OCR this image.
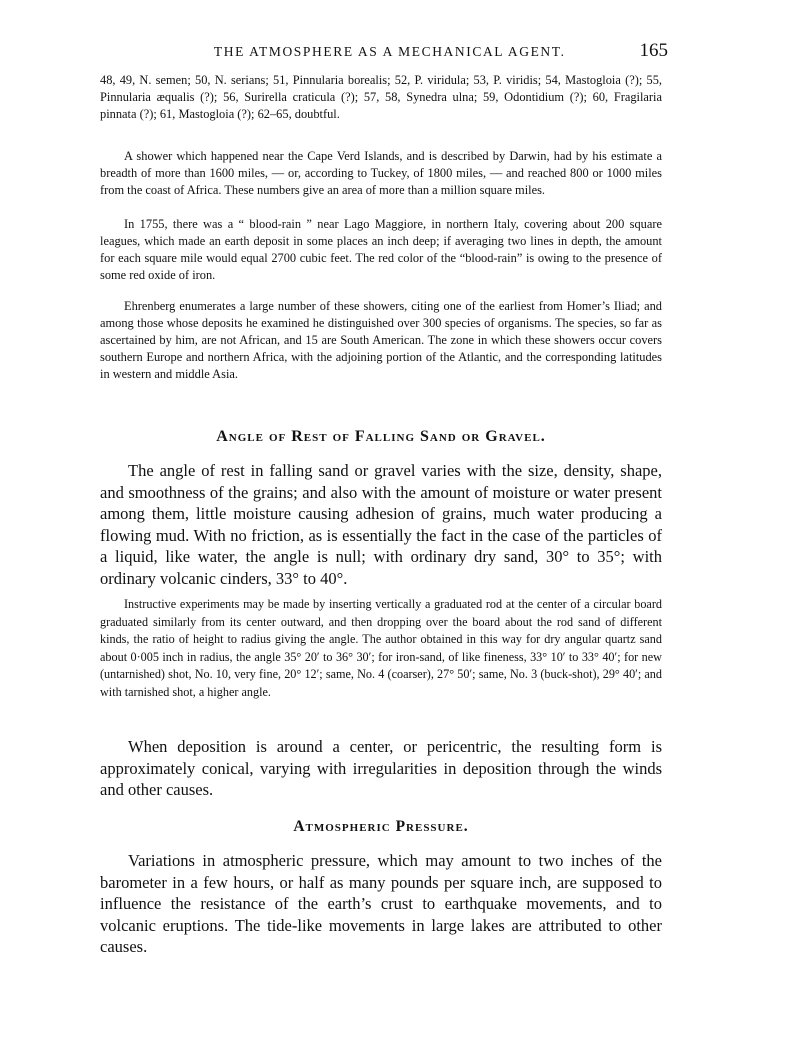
THE ATMOSPHERE AS A MECHANICAL AGENT.	165

48, 49, N. semen; 50, N. serians; 51, Pinnularia borealis; 52, P. viridula; 53, P. viridis; 54, Mastogloia (?); 55, Pinnularia æqualis (?); 56, Surirella craticula (?); 57, 58, Synedra ulna; 59, Odontidium (?); 60, Fragilaria pinnata (?); 61, Mastogloia (?); 62–65, doubtful.

A shower which happened near the Cape Verd Islands, and is described by Darwin, had by his estimate a breadth of more than 1600 miles, — or, according to Tuckey, of 1800 miles, — and reached 800 or 1000 miles from the coast of Africa. These numbers give an area of more than a million square miles.

In 1755, there was a “ blood-rain ” near Lago Maggiore, in northern Italy, covering about 200 square leagues, which made an earth deposit in some places an inch deep; if averaging two lines in depth, the amount for each square mile would equal 2700 cubic feet. The red color of the “blood-rain” is owing to the presence of some red oxide of iron.

Ehrenberg enumerates a large number of these showers, citing one of the earliest from Homer’s Iliad; and among those whose deposits he examined he distinguished over 300 species of organisms. The species, so far as ascertained by him, are not African, and 15 are South American. The zone in which these showers occur covers southern Europe and northern Africa, with the adjoining portion of the Atlantic, and the corresponding latitudes in western and middle Asia.

Angle of Rest of Falling Sand or Gravel.

The angle of rest in falling sand or gravel varies with the size, density, shape, and smoothness of the grains; and also with the amount of moisture or water present among them, little moisture causing adhesion of grains, much water producing a flowing mud. With no friction, as is essentially the fact in the case of the particles of a liquid, like water, the angle is null; with ordinary dry sand, 30° to 35°; with ordinary volcanic cinders, 33° to 40°.

Instructive experiments may be made by inserting vertically a graduated rod at the center of a circular board graduated similarly from its center outward, and then dropping over the board about the rod sand of different kinds, the ratio of height to radius giving the angle. The author obtained in this way for dry angular quartz sand about 0·005 inch in radius, the angle 35° 20′ to 36° 30′; for iron-sand, of like fineness, 33° 10′ to 33° 40′; for new (untarnished) shot, No. 10, very fine, 20° 12′; same, No. 4 (coarser), 27° 50′; same, No. 3 (buck-shot), 29° 40′; and with tarnished shot, a higher angle.

When deposition is around a center, or pericentric, the resulting form is approximately conical, varying with irregularities in deposition through the winds and other causes.

Atmospheric Pressure.

Variations in atmospheric pressure, which may amount to two inches of the barometer in a few hours, or half as many pounds per square inch, are supposed to influence the resistance of the earth’s crust to earthquake movements, and to volcanic eruptions. The tide-like movements in large lakes are attributed to other causes.
